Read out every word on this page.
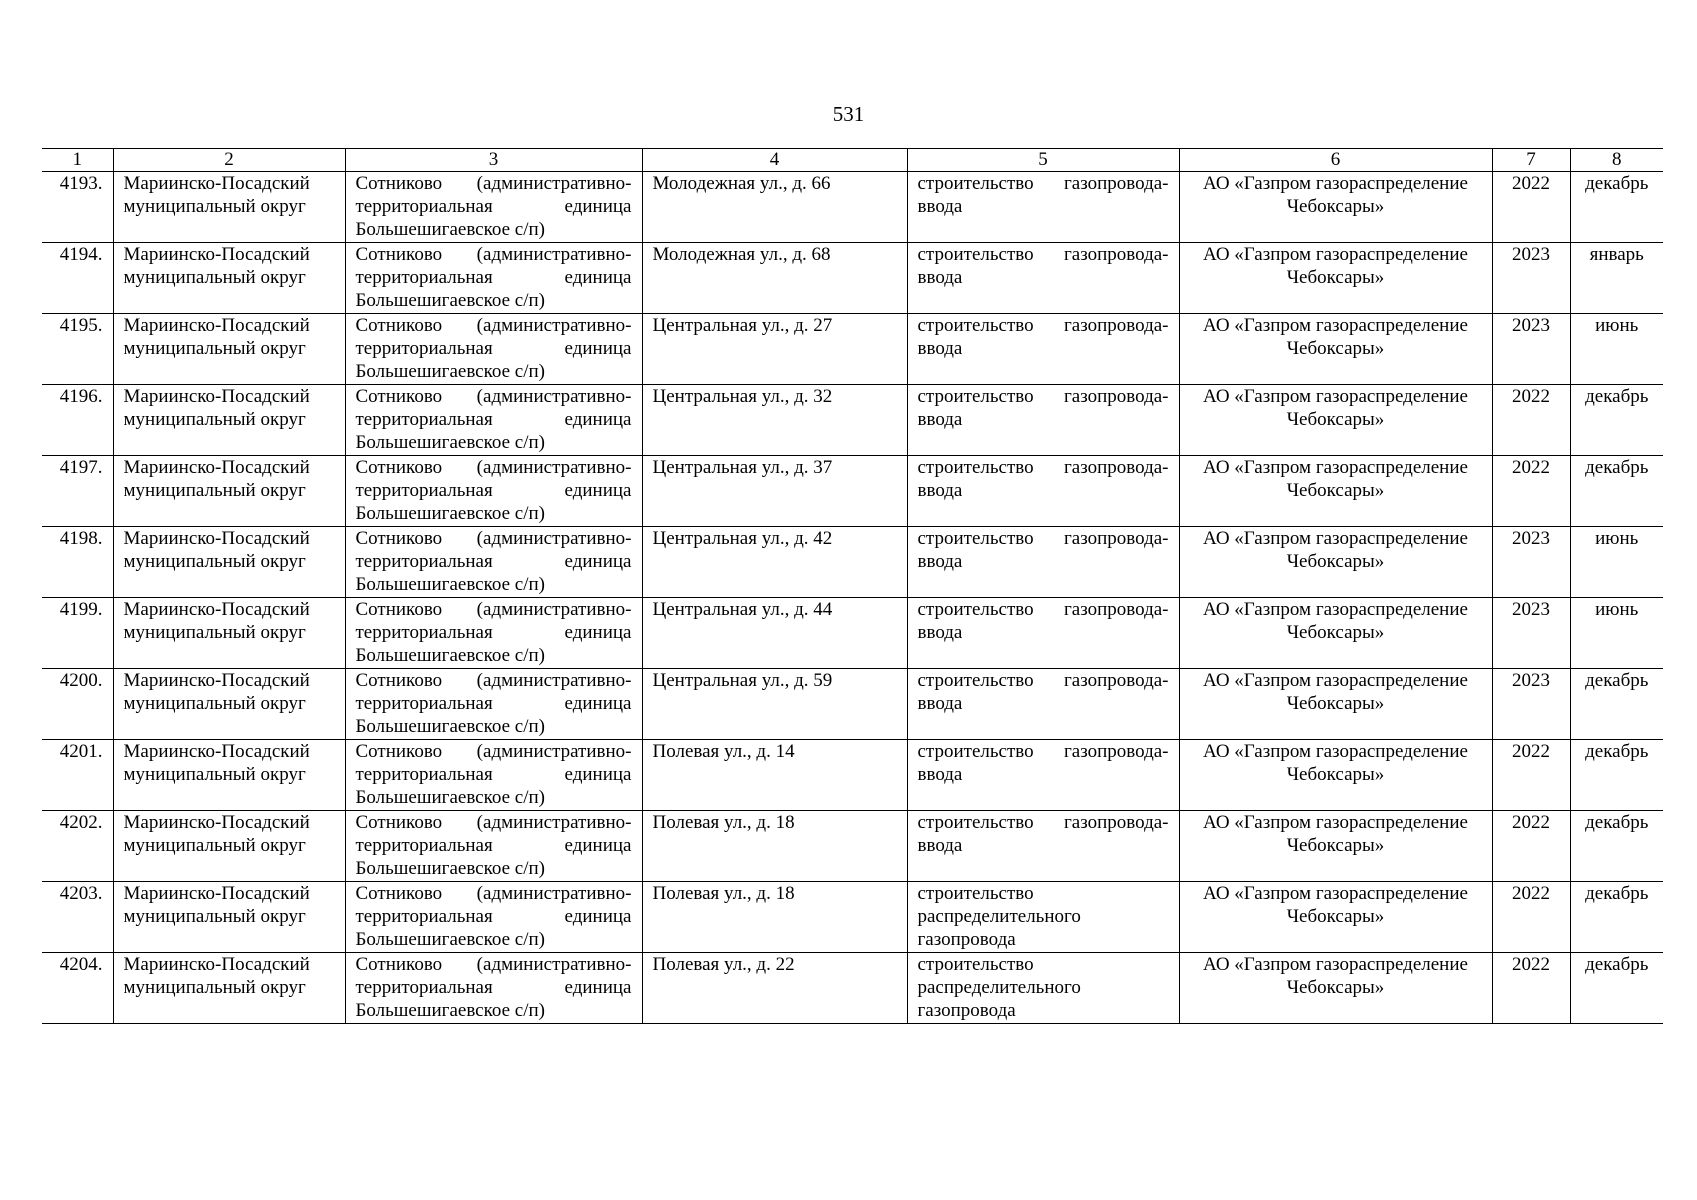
531
1	2	3	4	5	6	7	8
4193.	Мариинско-Посадский муниципальный округ	Сотниково (административно-территориальная единица Большешигаевское с/п)	Молодежная ул., д. 66	строительство газопровода-ввода	АО «Газпром газораспределение Чебоксары»	2022	декабрь
4194.	Мариинско-Посадский муниципальный округ	Сотниково (административно-территориальная единица Большешигаевское с/п)	Молодежная ул., д. 68	строительство газопровода-ввода	АО «Газпром газораспределение Чебоксары»	2023	январь
4195.	Мариинско-Посадский муниципальный округ	Сотниково (административно-территориальная единица Большешигаевское с/п)	Центральная ул., д. 27	строительство газопровода-ввода	АО «Газпром газораспределение Чебоксары»	2023	июнь
4196.	Мариинско-Посадский муниципальный округ	Сотниково (административно-территориальная единица Большешигаевское с/п)	Центральная ул., д. 32	строительство газопровода-ввода	АО «Газпром газораспределение Чебоксары»	2022	декабрь
4197.	Мариинско-Посадский муниципальный округ	Сотниково (административно-территориальная единица Большешигаевское с/п)	Центральная ул., д. 37	строительство газопровода-ввода	АО «Газпром газораспределение Чебоксары»	2022	декабрь
4198.	Мариинско-Посадский муниципальный округ	Сотниково (административно-территориальная единица Большешигаевское с/п)	Центральная ул., д. 42	строительство газопровода-ввода	АО «Газпром газораспределение Чебоксары»	2023	июнь
4199.	Мариинско-Посадский муниципальный округ	Сотниково (административно-территориальная единица Большешигаевское с/п)	Центральная ул., д. 44	строительство газопровода-ввода	АО «Газпром газораспределение Чебоксары»	2023	июнь
4200.	Мариинско-Посадский муниципальный округ	Сотниково (административно-территориальная единица Большешигаевское с/п)	Центральная ул., д. 59	строительство газопровода-ввода	АО «Газпром газораспределение Чебоксары»	2023	декабрь
4201.	Мариинско-Посадский муниципальный округ	Сотниково (административно-территориальная единица Большешигаевское с/п)	Полевая ул., д. 14	строительство газопровода-ввода	АО «Газпром газораспределение Чебоксары»	2022	декабрь
4202.	Мариинско-Посадский муниципальный округ	Сотниково (административно-территориальная единица Большешигаевское с/п)	Полевая ул., д. 18	строительство газопровода-ввода	АО «Газпром газораспределение Чебоксары»	2022	декабрь
4203.	Мариинско-Посадский муниципальный округ	Сотниково (административно-территориальная единица Большешигаевское с/п)	Полевая ул., д. 18	строительство распределительного газопровода	АО «Газпром газораспределение Чебоксары»	2022	декабрь
4204.	Мариинско-Посадский муниципальный округ	Сотниково (административно-территориальная единица Большешигаевское с/п)	Полевая ул., д. 22	строительство распределительного газопровода	АО «Газпром газораспределение Чебоксары»	2022	декабрь
